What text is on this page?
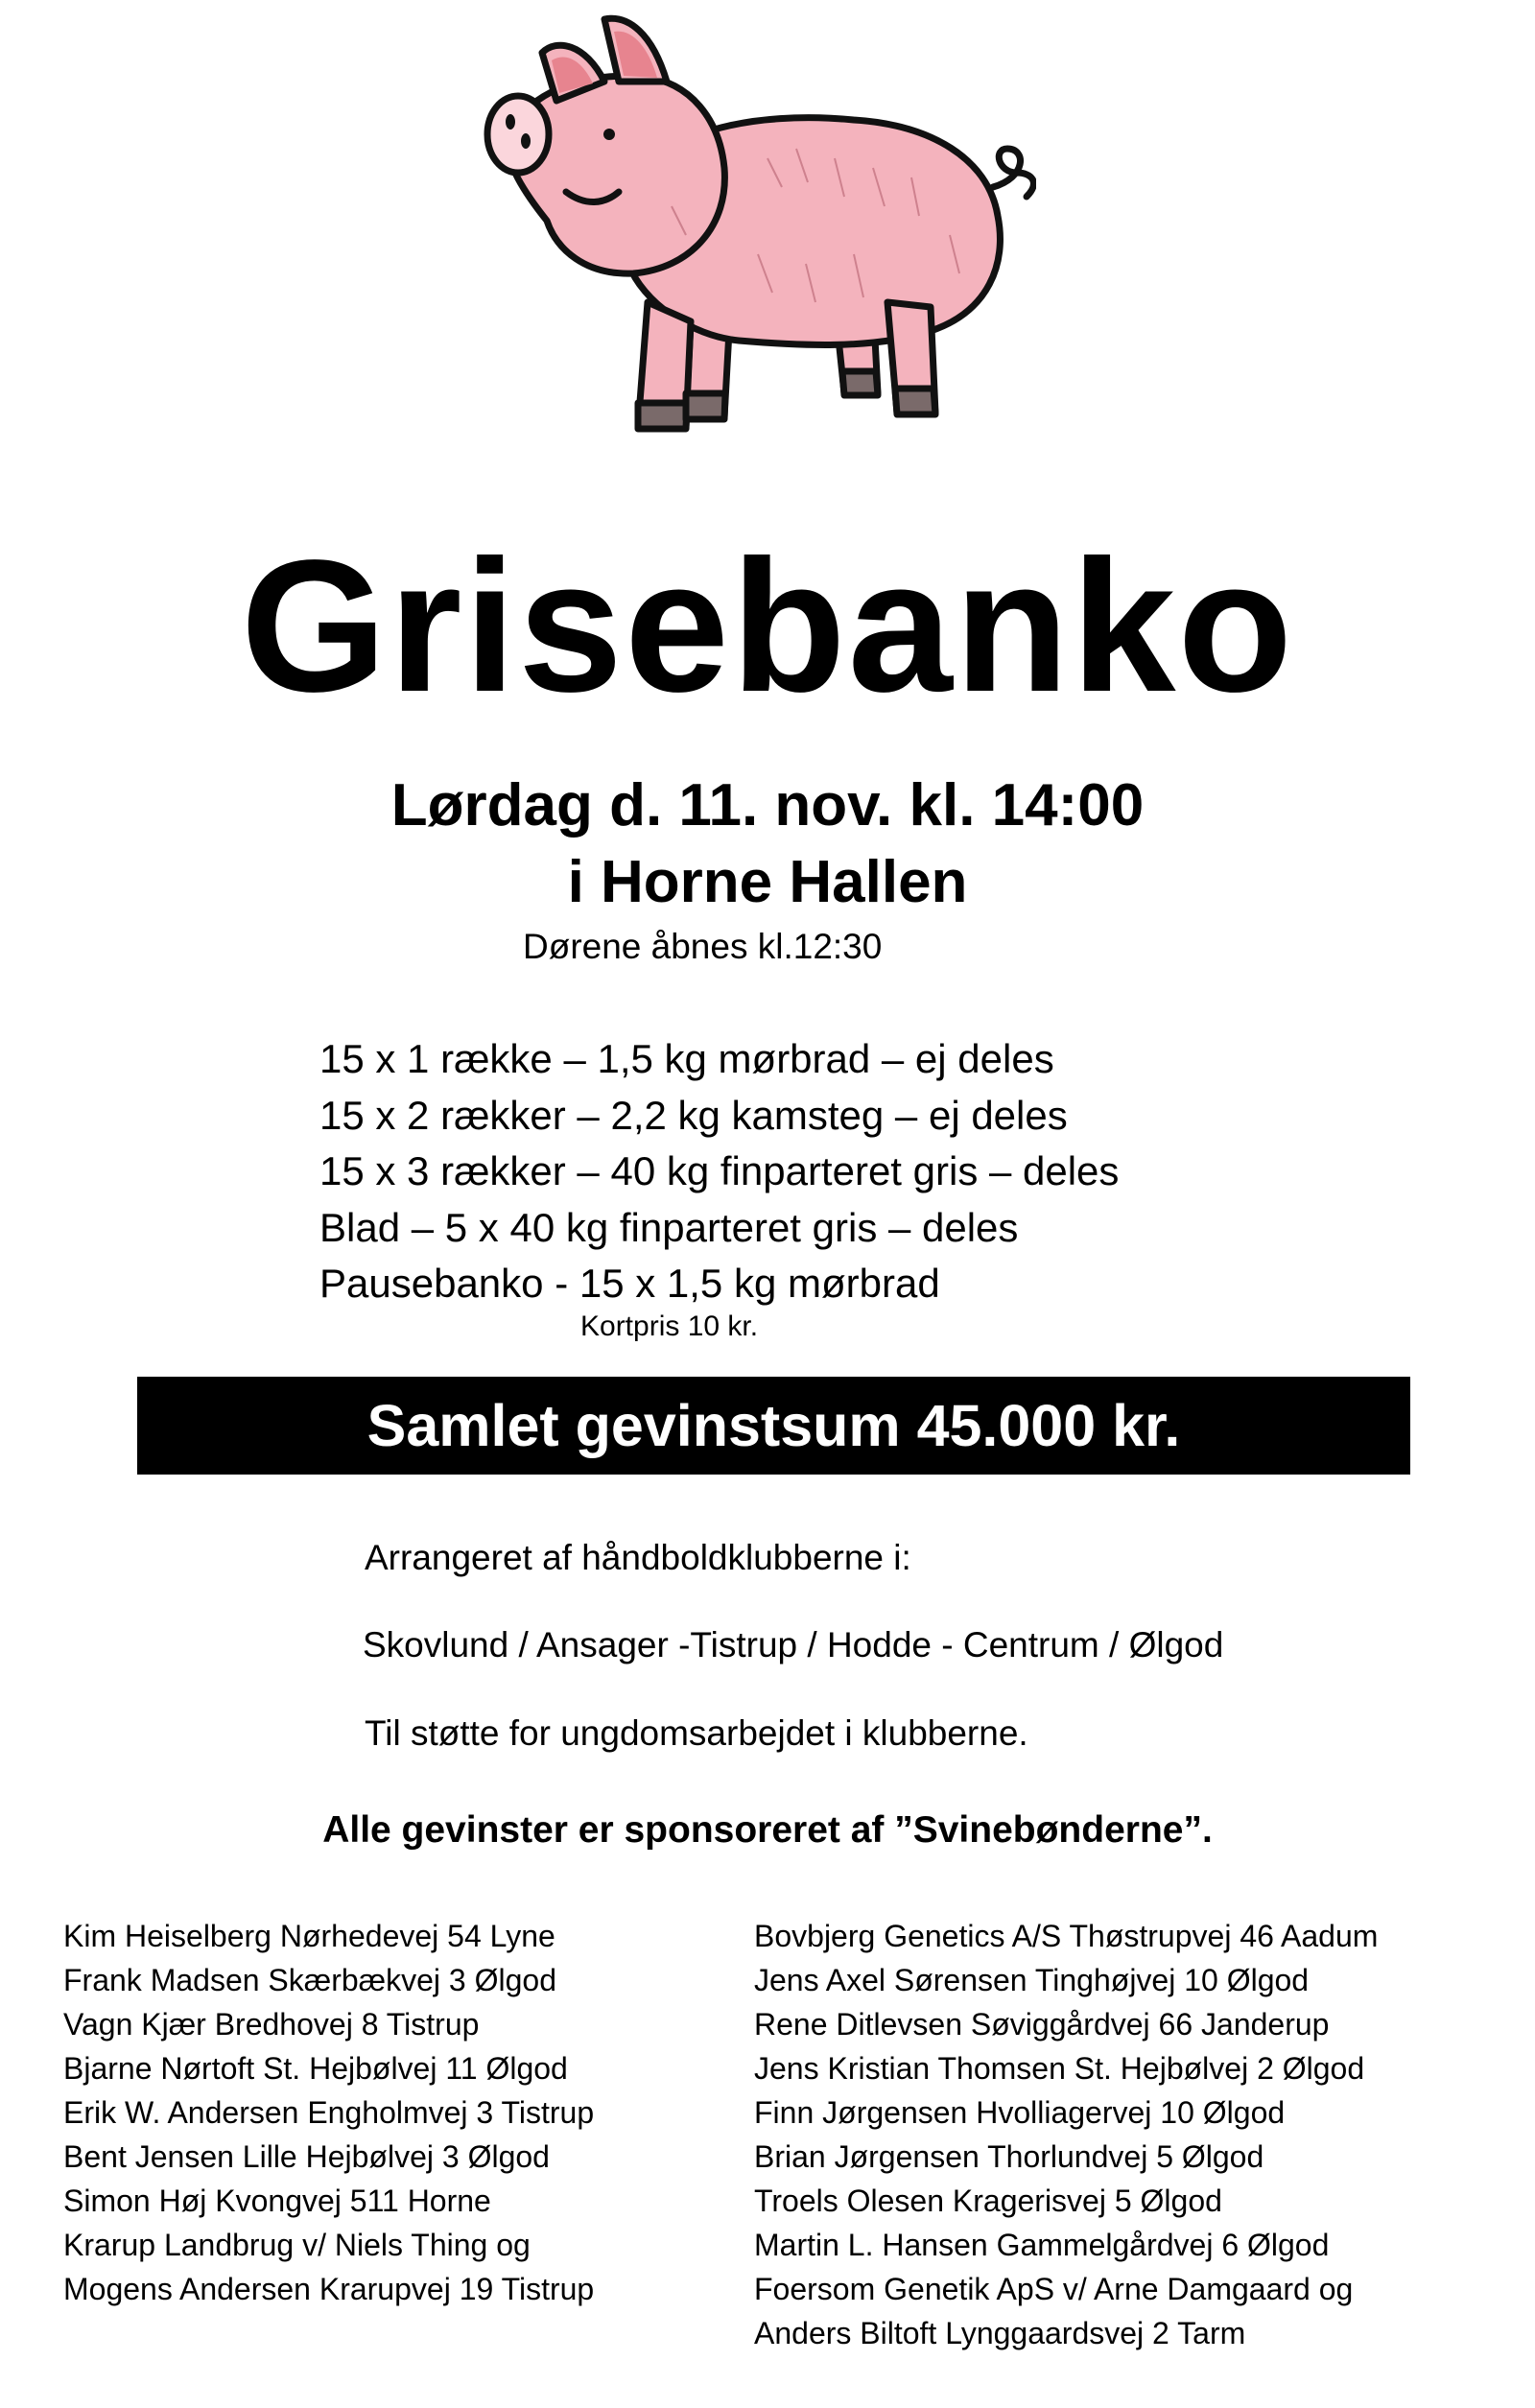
Grisebanko
Lørdag d. 11. nov. kl. 14:00
i Horne Hallen
Dørene åbnes kl.12:30
15 x 1 række – 1,5 kg mørbrad – ej deles
15 x 2 rækker – 2,2 kg kamsteg – ej deles
15 x 3 rækker – 40 kg finparteret gris – deles
Blad – 5 x 40 kg finparteret gris – deles
Pausebanko - 15 x 1,5 kg mørbrad
Kortpris 10 kr.
Samlet gevinstsum 45.000 kr.
Arrangeret af håndboldklubberne i:
Skovlund / Ansager -Tistrup / Hodde - Centrum / Ølgod
Til støtte for ungdomsarbejdet i klubberne.
Alle gevinster er sponsoreret af ”Svinebønderne”.
Kim Heiselberg Nørhedevej 54 Lyne
Frank Madsen Skærbækvej 3 Ølgod
Vagn Kjær Bredhovej 8 Tistrup
Bjarne Nørtoft St. Hejbølvej 11 Ølgod
Erik W. Andersen Engholmvej 3 Tistrup
Bent Jensen Lille Hejbølvej 3 Ølgod
Simon Høj Kvongvej 511 Horne
Krarup Landbrug v/ Niels Thing og
Mogens Andersen Krarupvej 19 Tistrup
Bovbjerg Genetics A/S Thøstrupvej 46 Aadum
Jens Axel Sørensen Tinghøjvej 10 Ølgod
Rene Ditlevsen Søviggårdvej 66 Janderup
Jens Kristian Thomsen St. Hejbølvej 2 Ølgod
Finn Jørgensen Hvolliagervej 10 Ølgod
Brian Jørgensen Thorlundvej 5 Ølgod
Troels Olesen Kragerisvej 5 Ølgod
Martin L. Hansen Gammelgårdvej 6 Ølgod
Foersom Genetik ApS v/ Arne Damgaard og
Anders Biltoft Lynggaardsvej 2 Tarm
